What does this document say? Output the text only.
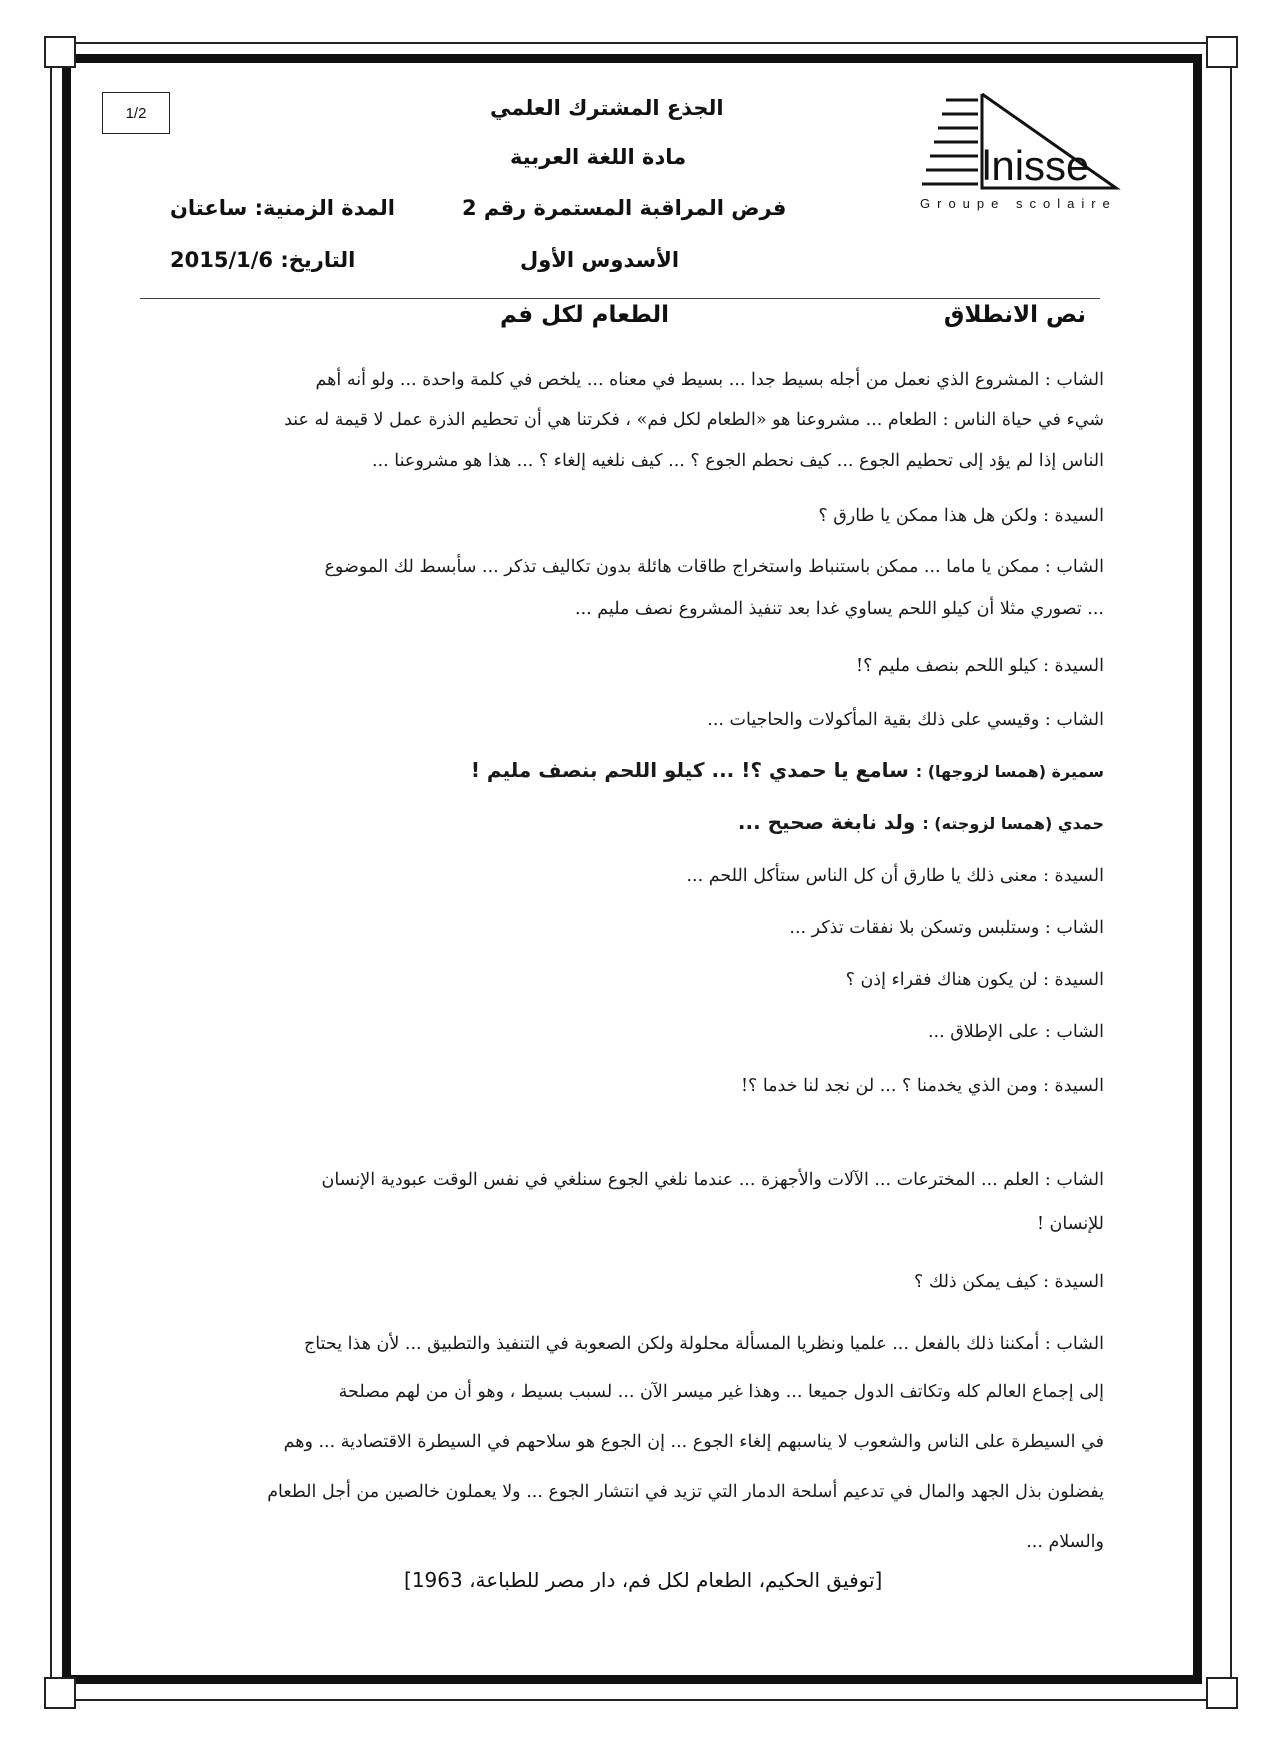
1/2
lnisse
Groupe scolaire
الجذع المشترك العلمي
مادة اللغة العربية
فرض المراقبة المستمرة رقم 2
المدة الزمنية: ساعتان
الأسدوس الأول
التاريخ: 2015/1/6
نص الانطلاق
الطعام لكل فم
الشاب : المشروع الذي نعمل من أجله بسيط جدا ... بسيط في معناه ... يلخص في كلمة واحدة ... ولو أنه أهم
شيء في حياة الناس : الطعام ... مشروعنا هو «الطعام لكل فم» ، فكرتنا هي أن تحطيم الذرة عمل لا قيمة له عند
الناس إذا لم يؤد إلى تحطيم الجوع ... كيف نحطم الجوع ؟ ... كيف نلغيه إلغاء ؟ ... هذا هو مشروعنا ...
السيدة : ولكن هل هذا ممكن يا طارق ؟
الشاب : ممكن يا ماما ... ممكن باستنباط واستخراج طاقات هائلة بدون تكاليف تذكر ... سأبسط لك الموضوع
... تصوري مثلا أن كيلو اللحم يساوي غدا بعد تنفيذ المشروع نصف مليم ...
السيدة : كيلو اللحم بنصف مليم ؟!
الشاب : وقيسي على ذلك بقية المأكولات والحاجيات ...
سميرة (همسا لزوجها) : سامع يا حمدي ؟! ... كيلو اللحم بنصف مليم !
حمدي (همسا لزوجته) : ولد نابغة صحيح ...
السيدة : معنى ذلك يا طارق أن كل الناس ستأكل اللحم ...
الشاب : وستلبس وتسكن بلا نفقات تذكر ...
السيدة : لن يكون هناك فقراء إذن ؟
الشاب : على الإطلاق ...
السيدة : ومن الذي يخدمنا ؟ ... لن نجد لنا خدما ؟!
الشاب : العلم ... المخترعات ... الآلات والأجهزة ... عندما نلغي الجوع سنلغي في نفس الوقت عبودية الإنسان
للإنسان !
السيدة : كيف يمكن ذلك ؟
الشاب : أمكننا ذلك بالفعل ... علميا ونظريا المسألة محلولة ولكن الصعوبة في التنفيذ والتطبيق ... لأن هذا يحتاج
إلى إجماع العالم كله وتكاتف الدول جميعا ... وهذا غير ميسر الآن ... لسبب بسيط ، وهو أن من لهم مصلحة
في السيطرة على الناس والشعوب لا يناسبهم إلغاء الجوع ... إن الجوع هو سلاحهم في السيطرة الاقتصادية ... وهم
يفضلون بذل الجهد والمال في تدعيم أسلحة الدمار التي تزيد في انتشار الجوع ... ولا يعملون خالصين من أجل الطعام
والسلام ...
[توفيق الحكيم، الطعام لكل فم، دار مصر للطباعة، 1963]
